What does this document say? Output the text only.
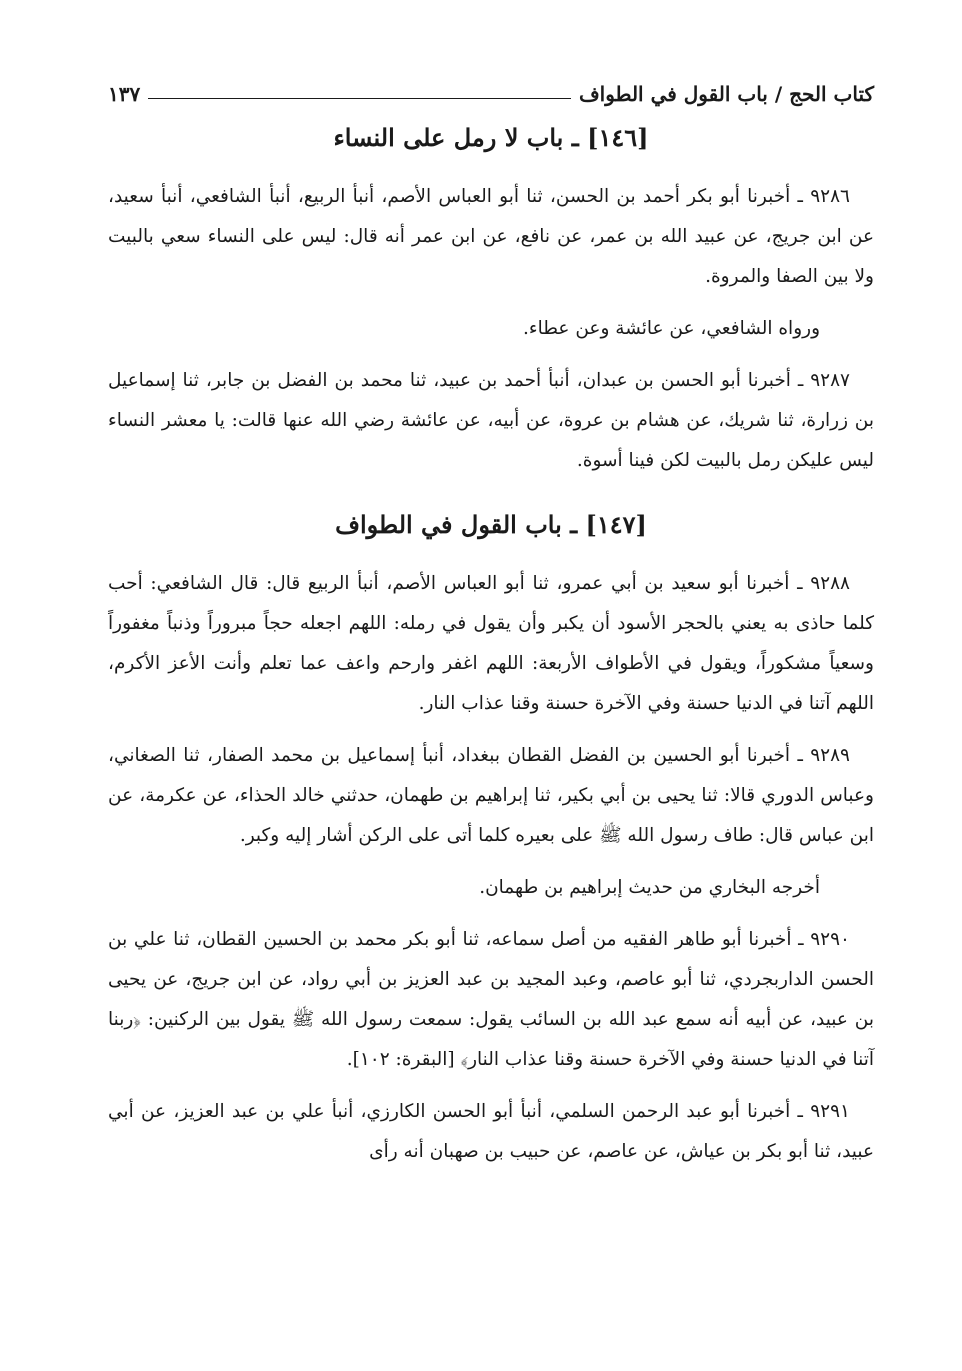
كتاب الحج / باب القول في الطواف
١٣٧
[١٤٦] ـ باب لا رمل على النساء

٩٢٨٦ ـ أخبرنا أبو بكر أحمد بن الحسن، ثنا أبو العباس الأصم، أنبأ الربيع، أنبأ الشافعي، أنبأ سعيد، عن ابن جريج، عن عبيد الله بن عمر، عن نافع، عن ابن عمر أنه قال: ليس على النساء سعي بالبيت ولا بين الصفا والمروة.

ورواه الشافعي، عن عائشة وعن عطاء.

٩٢٨٧ ـ أخبرنا أبو الحسن بن عبدان، أنبأ أحمد بن عبيد، ثنا محمد بن الفضل بن جابر، ثنا إسماعيل بن زرارة، ثنا شريك، عن هشام بن عروة، عن أبيه، عن عائشة رضي الله عنها قالت: يا معشر النساء ليس عليكن رمل بالبيت لكن فينا أسوة.

[١٤٧] ـ باب القول في الطواف

٩٢٨٨ ـ أخبرنا أبو سعيد بن أبي عمرو، ثنا أبو العباس الأصم، أنبأ الربيع قال: قال الشافعي: أحب كلما حاذى به يعني بالحجر الأسود أن يكبر وأن يقول في رمله: اللهم اجعله حجاً مبروراً وذنباً مغفوراً وسعياً مشكوراً، ويقول في الأطواف الأربعة: اللهم اغفر وارحم واعف عما تعلم وأنت الأعز الأكرم، اللهم آتنا في الدنيا حسنة وفي الآخرة حسنة وقنا عذاب النار.

٩٢٨٩ ـ أخبرنا أبو الحسين بن الفضل القطان ببغداد، أنبأ إسماعيل بن محمد الصفار، ثنا الصغاني، وعباس الدوري قالا: ثنا يحيى بن أبي بكير، ثنا إبراهيم بن طهمان، حدثني خالد الحذاء، عن عكرمة، عن ابن عباس قال: طاف رسول الله ﷺ على بعيره كلما أتى على الركن أشار إليه وكبر.

أخرجه البخاري من حديث إبراهيم بن طهمان.

٩٢٩٠ ـ أخبرنا أبو طاهر الفقيه من أصل سماعه، ثنا أبو بكر محمد بن الحسين القطان، ثنا علي بن الحسن الداربجردي، ثنا أبو عاصم، وعبد المجيد بن عبد العزيز بن أبي رواد، عن ابن جريج، عن يحيى بن عبيد، عن أبيه أنه سمع عبد الله بن السائب يقول: سمعت رسول الله ﷺ يقول بين الركنين: ﴿ربنا آتنا في الدنيا حسنة وفي الآخرة حسنة وقنا عذاب النار﴾ [البقرة: ١٠٢].

٩٢٩١ ـ أخبرنا أبو عبد الرحمن السلمي، أنبأ أبو الحسن الكارزي، أنبأ علي بن عبد العزيز، عن أبي عبيد، ثنا أبو بكر بن عياش، عن عاصم، عن حبيب بن صهبان أنه رأى
